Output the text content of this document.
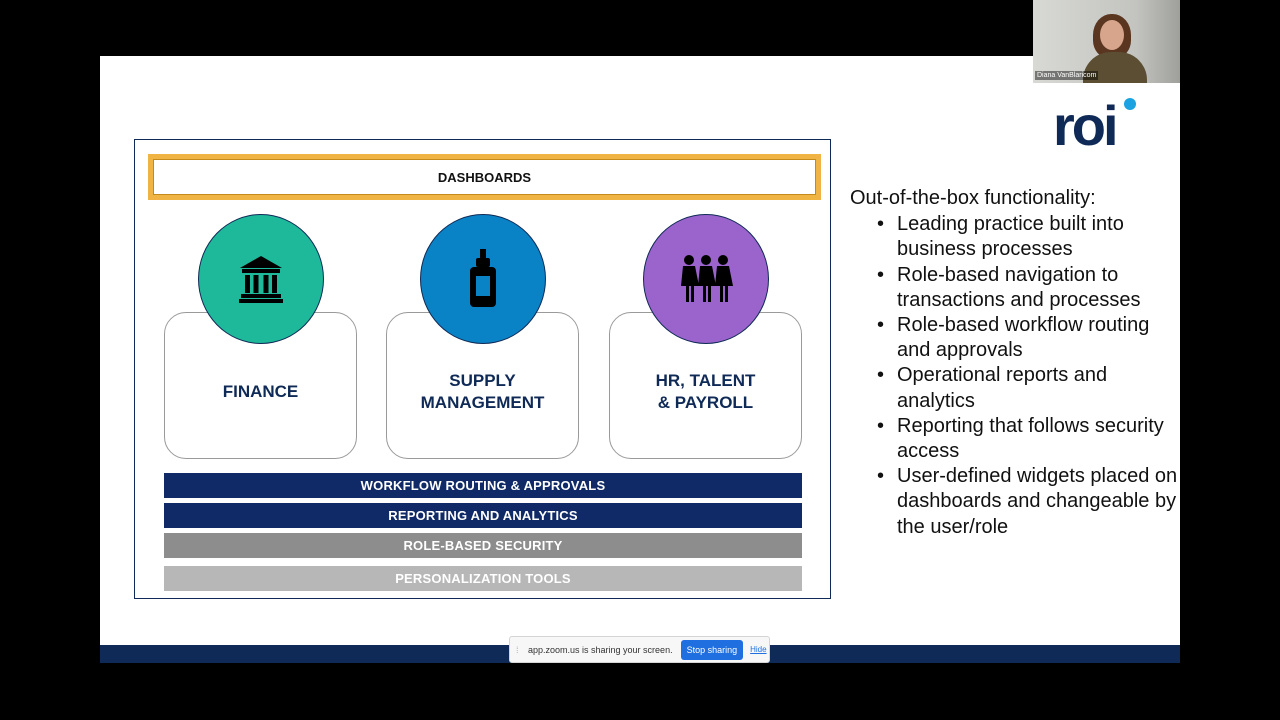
roi
DASHBOARDS
FINANCE
SUPPLY
MANAGEMENT
HR, TALENT
& PAYROLL
WORKFLOW ROUTING & APPROVALS
REPORTING AND ANALYTICS
ROLE-BASED SECURITY
PERSONALIZATION TOOLS
Out-of-the-box functionality:
• Leading practice built into business processes
• Role-based navigation to transactions and processes
• Role-based workflow routing and approvals
• Operational reports and analytics
• Reporting that follows security access
• User-defined widgets placed on dashboards and changeable by the user/role
Diana VanBlaricom
⁞	app.zoom.us is sharing your screen.	Stop sharing	Hide
